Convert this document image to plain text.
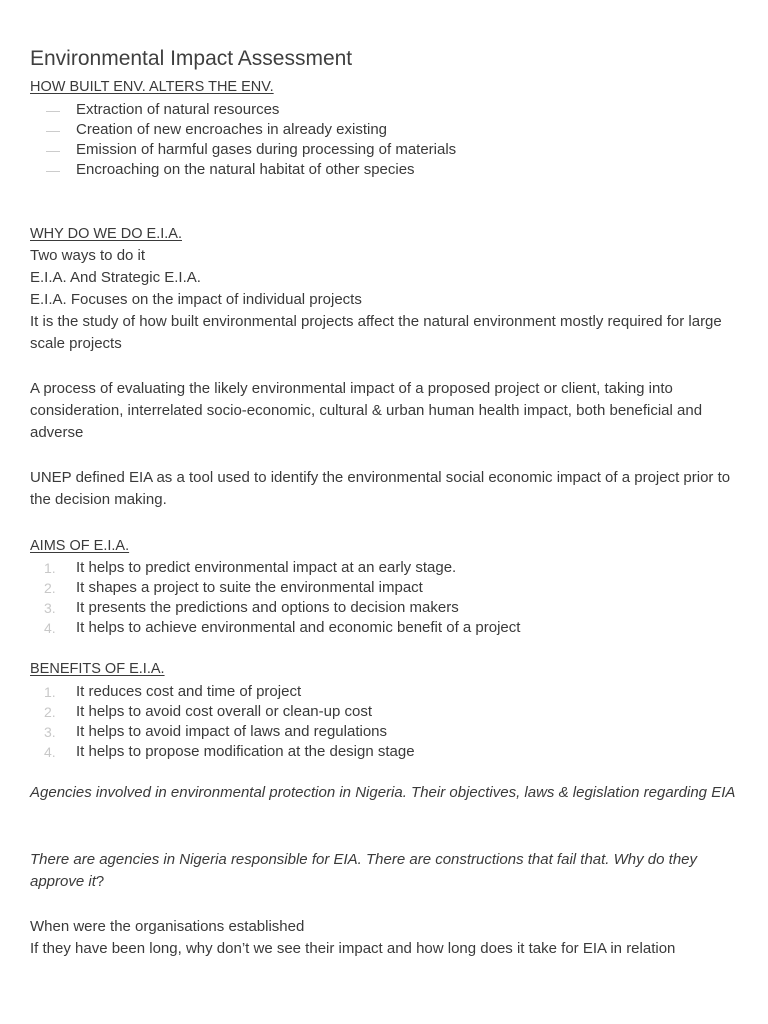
Environmental Impact Assessment
HOW BUILT ENV. ALTERS THE ENV.
—	Extraction of natural resources
—	Creation of new encroaches in already existing
—	Emission of harmful gases during processing of materials
—	Encroaching on the natural habitat of other species
WHY DO WE DO E.I.A.
Two ways to do it
E.I.A. And Strategic E.I.A.
E.I.A. Focuses on the impact of individual projects
It is the study of how built environmental projects affect the natural environment mostly required for large scale projects
A process of evaluating the likely environmental impact of a proposed project or client, taking into consideration, interrelated socio-economic, cultural & urban human health impact, both beneficial and adverse
UNEP defined EIA as a tool used to identify the environmental social economic impact of a project prior to the decision making.
AIMS OF E.I.A.
1.	It helps to predict environmental impact at an early stage.
2.	It shapes a project to suite the environmental impact
3.	It presents the predictions and options to decision makers
4.	It helps to achieve environmental and economic benefit of a project
BENEFITS OF E.I.A.
1.	It reduces cost and time of project
2.	It helps to avoid cost overall or clean-up cost
3.	It helps to avoid impact of laws and regulations
4.	It helps to propose modification at the design stage
Agencies involved in environmental protection in Nigeria. Their objectives, laws & legislation regarding EIA
There are agencies in Nigeria responsible for EIA. There are constructions that fail that. Why do they approve it?
When were the organisations established
If they have been long, why don’t we see their impact and how long does it take for EIA in relation
